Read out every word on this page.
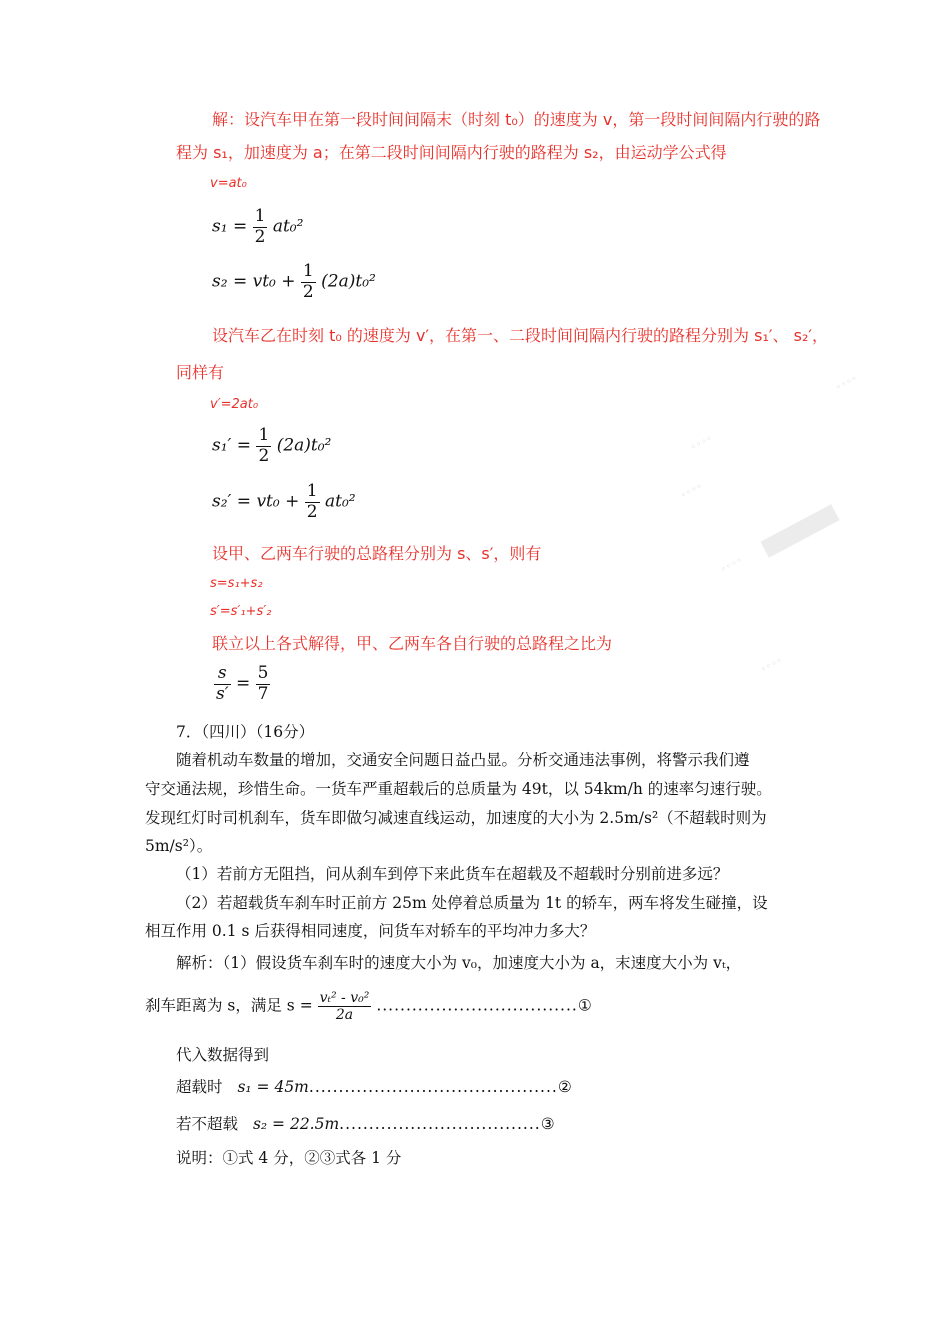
◦◦◦◦
◦◦◦◦
◦◦◦◦
◦◦◦◦
◦◦◦◦
解：设汽车甲在第一段时间间隔末（时刻 t₀）的速度为 v，第一段时间间隔内行驶的路
程为 s₁，加速度为 a；在第二段时间间隔内行驶的路程为 s₂，由运动学公式得
v=at₀
$s_1 = \frac{1}{2} at_0^2$
$s_2 = vt_0 + \frac{1}{2} (2a)t_0^2$
设汽车乙在时刻 t₀ 的速度为 v′，在第一、二段时间间隔内行驶的路程分别为 s₁′、 s₂′，
同样有
v′=2at₀
$s_1' = \frac{1}{2} (2a)t_0^2$
$s_2' = vt_0 + \frac{1}{2} at_0^2$
设甲、乙两车行驶的总路程分别为 s、s′，则有
s=s₁+s₂
s′=s′₁+s′₂
联立以上各式解得，甲、乙两车各自行驶的总路程之比为
$\frac{s}{s'} = \frac{5}{7}$
7．（四川）（16分）
随着机动车数量的增加，交通安全问题日益凸显。分析交通违法事例，将警示我们遵
守交通法规，珍惜生命。一货车严重超载后的总质量为 49t，以 54km/h 的速率匀速行驶。
发现红灯时司机刹车，货车即做匀减速直线运动，加速度的大小为 2.5m/s²（不超载时则为
5m/s²）。
（1）若前方无阻挡，问从刹车到停下来此货车在超载及不超载时分别前进多远？
（2）若超载货车刹车时正前方 25m 处停着总质量为 1t 的轿车，两车将发生碰撞，设
相互作用 0.1 s 后获得相同速度，问货车对轿车的平均冲力多大？
解析：（1）假设货车刹车时的速度大小为 v₀，加速度大小为 a，末速度大小为 vₜ，
刹车距离为 s，满足 $s = \frac{\text{vₜ² - v₀²}}{2a}$ ..................................①
代入数据得到
超载时 s₁ = 45m..........................................②
若不超载 s₂ = 22.5m..................................③
说明：①式 4 分，②③式各 1 分
